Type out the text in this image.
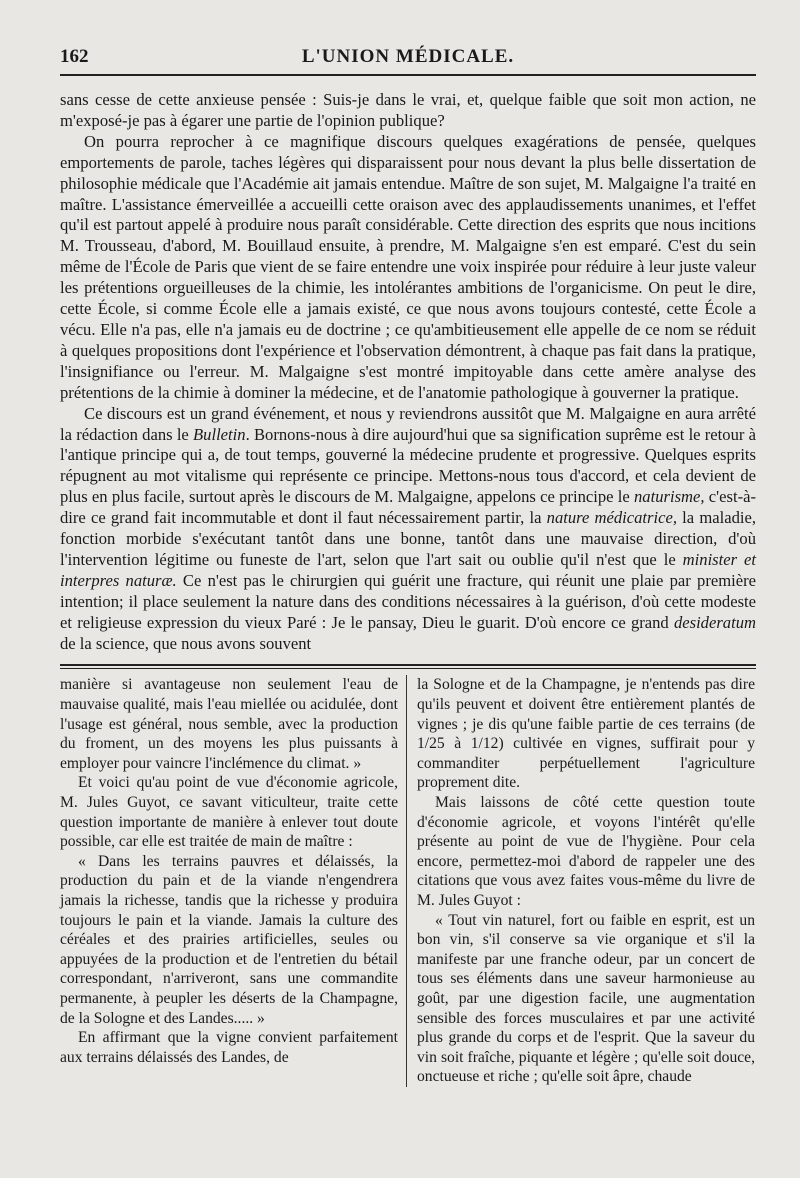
162	L'UNION MÉDICALE.

sans cesse de cette anxieuse pensée : Suis-je dans le vrai, et, quelque faible que soit mon action, ne m'exposé-je pas à égarer une partie de l'opinion publique?

On pourra reprocher à ce magnifique discours quelques exagérations de pensée, quelques emportements de parole, taches légères qui disparaissent pour nous devant la plus belle dissertation de philosophie médicale que l'Académie ait jamais entendue. Maître de son sujet, M. Malgaigne l'a traité en maître. L'assistance émerveillée a accueilli cette oraison avec des applaudissements unanimes, et l'effet qu'il est partout appelé à produire nous paraît considérable. Cette direction des esprits que nous incitions M. Trousseau, d'abord, M. Bouillaud ensuite, à prendre, M. Malgaigne s'en est emparé. C'est du sein même de l'École de Paris que vient de se faire entendre une voix inspirée pour réduire à leur juste valeur les prétentions orgueilleuses de la chimie, les intolérantes ambitions de l'organicisme. On peut le dire, cette École, si comme École elle a jamais existé, ce que nous avons toujours contesté, cette École a vécu. Elle n'a pas, elle n'a jamais eu de doctrine ; ce qu'ambitieusement elle appelle de ce nom se réduit à quelques propositions dont l'expérience et l'observation démontrent, à chaque pas fait dans la pratique, l'insignifiance ou l'erreur. M. Malgaigne s'est montré impitoyable dans cette amère analyse des prétentions de la chimie à dominer la médecine, et de l'anatomie pathologique à gouverner la pratique.

Ce discours est un grand événement, et nous y reviendrons aussitôt que M. Malgaigne en aura arrêté la rédaction dans le Bulletin. Bornons-nous à dire aujourd'hui que sa signification suprême est le retour à l'antique principe qui a, de tout temps, gouverné la médecine prudente et progressive. Quelques esprits répugnent au mot vitalisme qui représente ce principe. Mettons-nous tous d'accord, et cela devient de plus en plus facile, surtout après le discours de M. Malgaigne, appelons ce principe le naturisme, c'est-à-dire ce grand fait incommutable et dont il faut nécessairement partir, la nature médicatrice, la maladie, fonction morbide s'exécutant tantôt dans une bonne, tantôt dans une mauvaise direction, d'où l'intervention légitime ou funeste de l'art, selon que l'art sait ou oublie qu'il n'est que le minister et interpres naturæ. Ce n'est pas le chirurgien qui guérit une fracture, qui réunit une plaie par première intention; il place seulement la nature dans des conditions nécessaires à la guérison, d'où cette modeste et religieuse expression du vieux Paré : Je le pansay, Dieu le guarit. D'où encore ce grand desideratum de la science, que nous avons souvent

manière si avantageuse non seulement l'eau de mauvaise qualité, mais l'eau miellée ou acidulée, dont l'usage est général, nous semble, avec la production du froment, un des moyens les plus puissants à employer pour vaincre l'inclémence du climat. »

Et voici qu'au point de vue d'économie agricole, M. Jules Guyot, ce savant viticulteur, traite cette question importante de manière à enlever tout doute possible, car elle est traitée de main de maître :

« Dans les terrains pauvres et délaissés, la production du pain et de la viande n'engendrera jamais la richesse, tandis que la richesse y produira toujours le pain et la viande. Jamais la culture des céréales et des prairies artificielles, seules ou appuyées de la production et de l'entretien du bétail correspondant, n'arriveront, sans une commandite permanente, à peupler les déserts de la Champagne, de la Sologne et des Landes..... »

En affirmant que la vigne convient parfaitement aux terrains délaissés des Landes, de

la Sologne et de la Champagne, je n'entends pas dire qu'ils peuvent et doivent être entièrement plantés de vignes ; je dis qu'une faible partie de ces terrains (de 1/25 à 1/12) cultivée en vignes, suffirait pour y commanditer perpétuellement l'agriculture proprement dite.

Mais laissons de côté cette question toute d'économie agricole, et voyons l'intérêt qu'elle présente au point de vue de l'hygiène. Pour cela encore, permettez-moi d'abord de rappeler une des citations que vous avez faites vous-même du livre de M. Jules Guyot :

« Tout vin naturel, fort ou faible en esprit, est un bon vin, s'il conserve sa vie organique et s'il la manifeste par une franche odeur, par un concert de tous ses éléments dans une saveur harmonieuse au goût, par une digestion facile, une augmentation sensible des forces musculaires et par une activité plus grande du corps et de l'esprit. Que la saveur du vin soit fraîche, piquante et légère ; qu'elle soit douce, onctueuse et riche ; qu'elle soit âpre, chaude
